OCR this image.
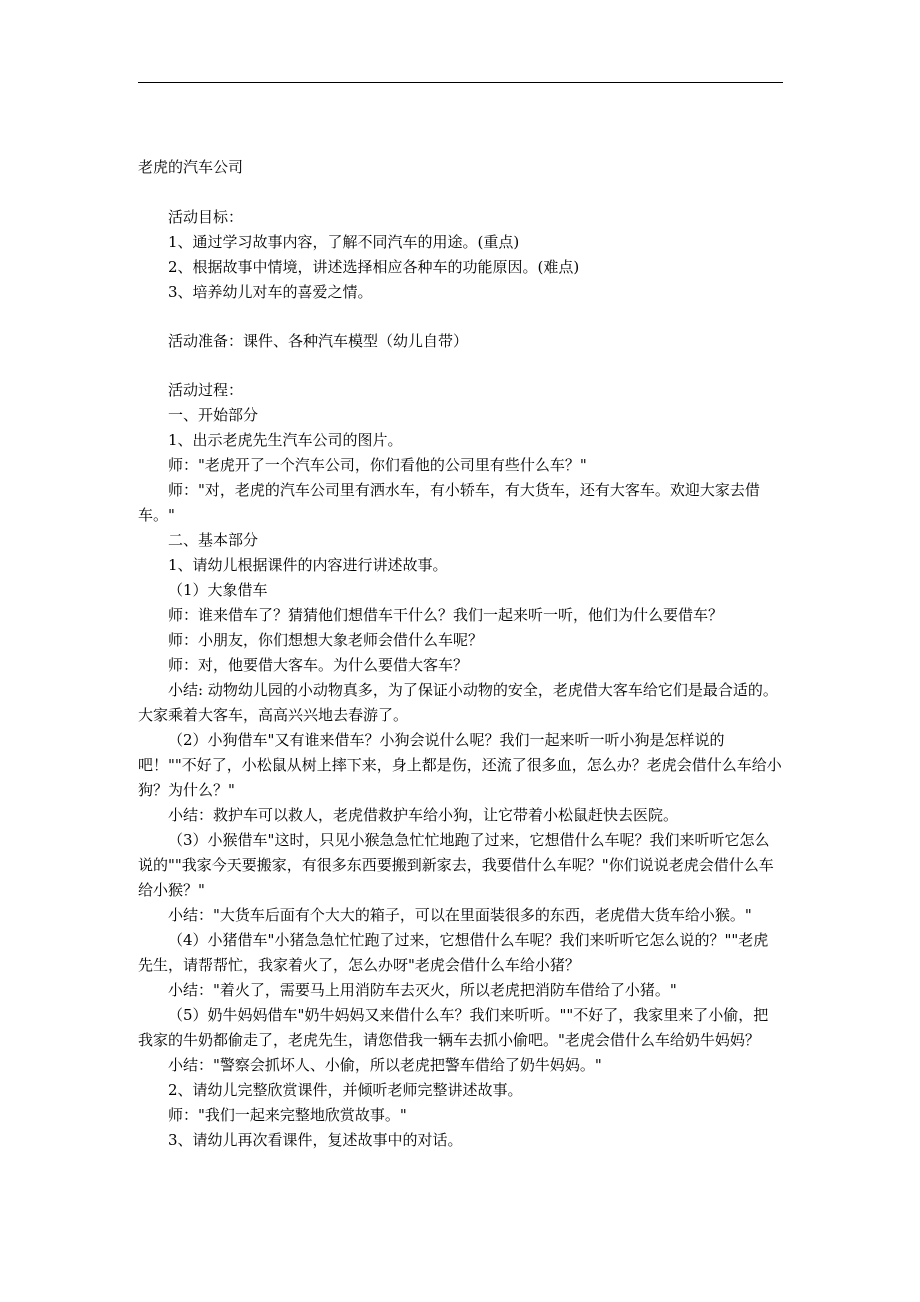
老虎的汽车公司
活动目标：
1、通过学习故事内容，了解不同汽车的用途。(重点)
2、根据故事中情境，讲述选择相应各种车的功能原因。(难点)
3、培养幼儿对车的喜爱之情。
活动准备：课件、各种汽车模型（幼儿自带）
活动过程：
一、开始部分
1、出示老虎先生汽车公司的图片。
师："老虎开了一个汽车公司，你们看他的公司里有些什么车？"
师："对，老虎的汽车公司里有洒水车，有小轿车，有大货车，还有大客车。欢迎大家去借车。"
二、基本部分
1、请幼儿根据课件的内容进行讲述故事。
（1）大象借车
师：谁来借车了？猜猜他们想借车干什么？我们一起来听一听，他们为什么要借车？
师：小朋友，你们想想大象老师会借什么车呢？
师：对，他要借大客车。为什么要借大客车？
小结: 动物幼儿园的小动物真多，为了保证小动物的安全，老虎借大客车给它们是最合适的。大家乘着大客车，高高兴兴地去春游了。
（2）小狗借车"又有谁来借车？小狗会说什么呢？我们一起来听一听小狗是怎样说的吧！""不好了，小松鼠从树上摔下来，身上都是伤，还流了很多血，怎么办？老虎会借什么车给小狗？为什么？"
小结：救护车可以救人，老虎借救护车给小狗，让它带着小松鼠赶快去医院。
（3）小猴借车"这时，只见小猴急急忙忙地跑了过来，它想借什么车呢？我们来听听它怎么说的""我家今天要搬家，有很多东西要搬到新家去，我要借什么车呢？"你们说说老虎会借什么车给小猴？"
小结："大货车后面有个大大的箱子，可以在里面装很多的东西，老虎借大货车给小猴。"
（4）小猪借车"小猪急急忙忙跑了过来，它想借什么车呢？我们来听听它怎么说的？""老虎先生，请帮帮忙，我家着火了，怎么办呀"老虎会借什么车给小猪？
小结："着火了，需要马上用消防车去灭火，所以老虎把消防车借给了小猪。"
（5）奶牛妈妈借车"奶牛妈妈又来借什么车？我们来听听。""不好了，我家里来了小偷，把我家的牛奶都偷走了，老虎先生，请您借我一辆车去抓小偷吧。"老虎会借什么车给奶牛妈妈？
小结："警察会抓坏人、小偷，所以老虎把警车借给了奶牛妈妈。"
2、请幼儿完整欣赏课件，并倾听老师完整讲述故事。
师："我们一起来完整地欣赏故事。"
3、请幼儿再次看课件，复述故事中的对话。
